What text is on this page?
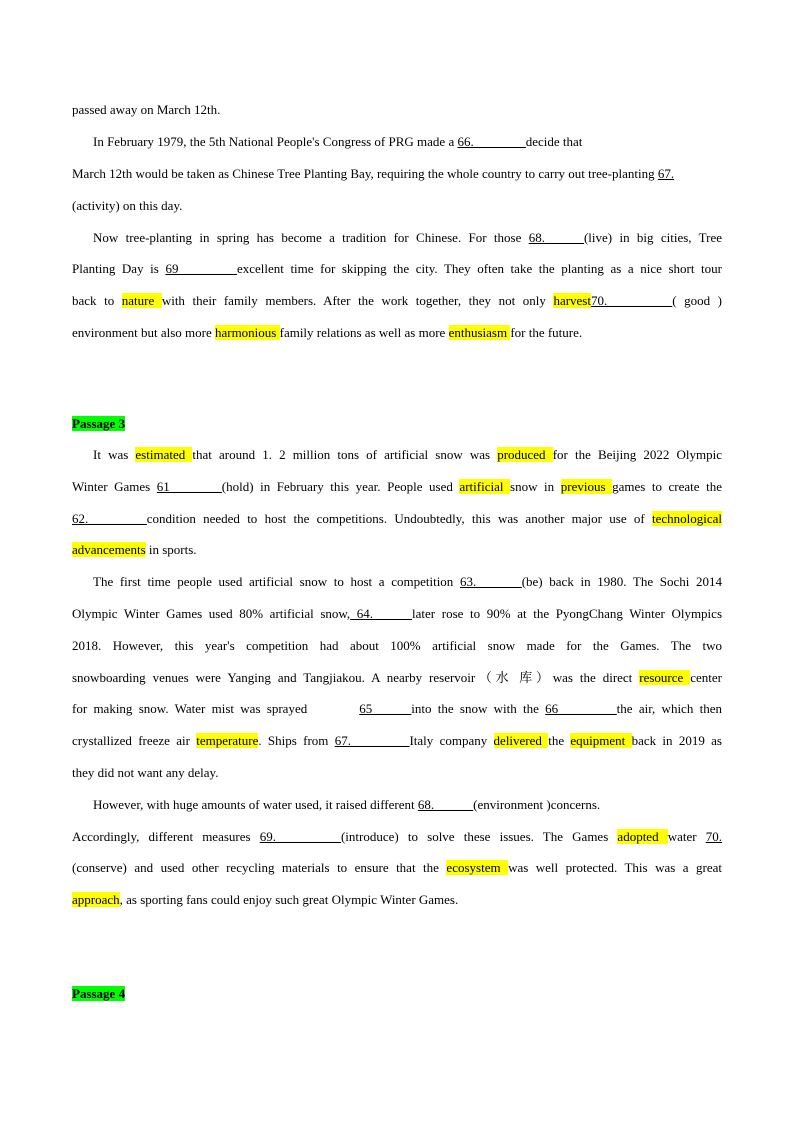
passed away on March 12th.
In February 1979, the 5th National People's Congress of PRG made a 66.________decide that
March 12th would be taken as Chinese Tree Planting Bay, requiring the whole country to carry out tree-planting 67.
(activity) on this day.
Now tree-planting in spring has become a tradition for Chinese. For those 68.______(live) in big cities, Tree
Planting Day is 69_________excellent time for skipping the city. They often take the planting as a nice short tour
back to nature with their family members. After the work together, they not only harvest70.__________( good )
environment but also more harmonious family relations as well as more enthusiasm for the future.
Passage 3
It was estimated that around 1. 2 million tons of artificial snow was produced for the Beijing 2022 Olympic
Winter Games 61________(hold) in February this year. People used artificial snow in previous games to create the
62._________condition needed to host the competitions. Undoubtedly, this was another major use of technological
advancements in sports.
The first time people used artificial snow to host a competition 63._______(be) back in 1980. The Sochi 2014
Olympic Winter Games used 80% artificial snow, 64.______later rose to 90% at the PyongChang Winter Olympics
2018. However, this year's competition had about 100% artificial snow made for the Games. The two
snowboarding venues were Yanging and Tangjiakou. A nearby reservoir（水 库）was the direct resource center
for making snow. Water mist was sprayed	65______into the snow with the 66_________the air, which then
crystallized freeze air temperature. Ships from 67._________Italy company delivered the equipment back in 2019 as
they did not want any delay.
However, with huge amounts of water used, it raised different 68.______(environment )concerns.
Accordingly, different measures 69.__________(introduce) to solve these issues. The Games adopted water 70.
(conserve) and used other recycling materials to ensure that the ecosystem was well protected. This was a great
approach, as sporting fans could enjoy such great Olympic Winter Games.
Passage 4
